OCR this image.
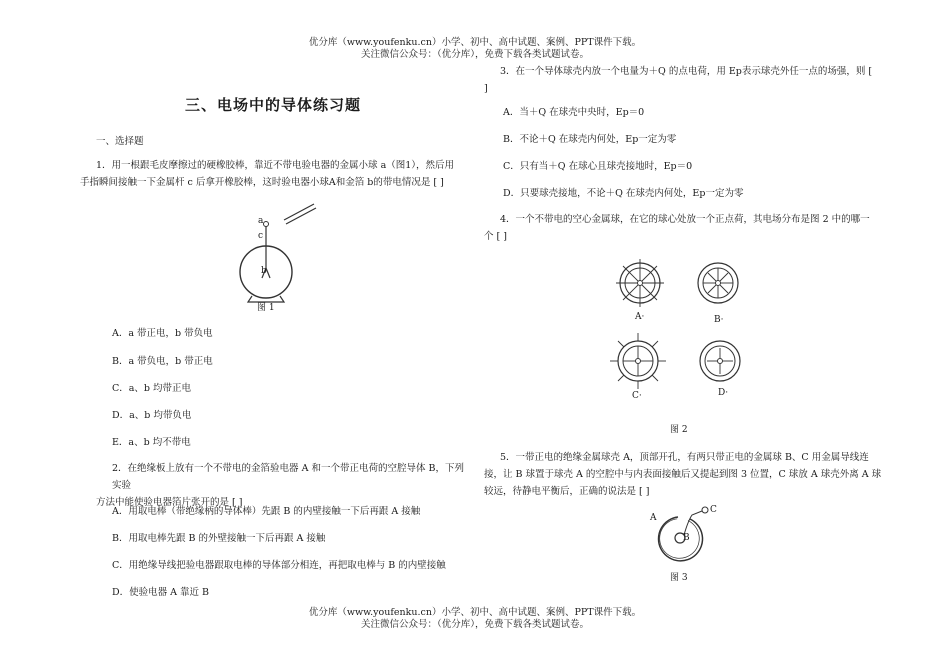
优分库（www.youfenku.cn）小学、初中、高中试题、案例、PPT课件下载。
关注微信公众号：（优分库），免费下载各类试题试卷。
三、电场中的导体练习题
一、选择题
1．用一根跟毛皮摩擦过的硬橡胶棒，靠近不带电验电器的金属小球 a（图1），然后用
手指瞬间接触一下金属杆 c 后拿开橡胶棒，这时验电器小球A和金箔 b的带电情况是 [ ]
a
c
b
图 1
A．a 带正电，b 带负电
B．a 带负电，b 带正电
C．a、b 均带正电
D．a、b 均带负电
E．a、b 均不带电
2．在绝缘板上放有一个不带电的金箔验电器 A 和一个带正电荷的空腔导体 B，下列实验
方法中能使验电器箔片张开的是 [ ]
A．用取电棒（带绝缘柄的导体棒）先跟 B 的内壁接触一下后再跟 A 接触
B．用取电棒先跟 B 的外壁接触一下后再跟 A 接触
C．用绝缘导线把验电器跟取电棒的导体部分相连，再把取电棒与 B 的内壁接触
D．使验电器 A 靠近 B
3．在一个导体球壳内放一个电量为＋Q 的点电荷，用 Ep表示球壳外任一点的场强，则 [
]
A．当＋Q 在球壳中央时，Ep＝0
B．不论＋Q 在球壳内何处，Ep一定为零
C．只有当＋Q 在球心且球壳接地时，Ep＝0
D．只要球壳接地，不论＋Q 在球壳内何处，Ep一定为零
4．一个不带电的空心金属球，在它的球心处放一个正点荷，其电场分布是图 2 中的哪一
个 [ ]
A·	B·
C·	D·
图 2
5．一带正电的绝缘金属球壳 A，顶部开孔，有两只带正电的金属球 B、C 用金属导线连
接，让 B 球置于球壳 A 的空腔中与内表面接触后又提起到图 3 位置，C 球放 A 球壳外离 A 球
较远，待静电平衡后，正确的说法是 [ ]
A
B
C
图 3
优分库（www.youfenku.cn）小学、初中、高中试题、案例、PPT课件下载。
关注微信公众号：（优分库），免费下载各类试题试卷。
